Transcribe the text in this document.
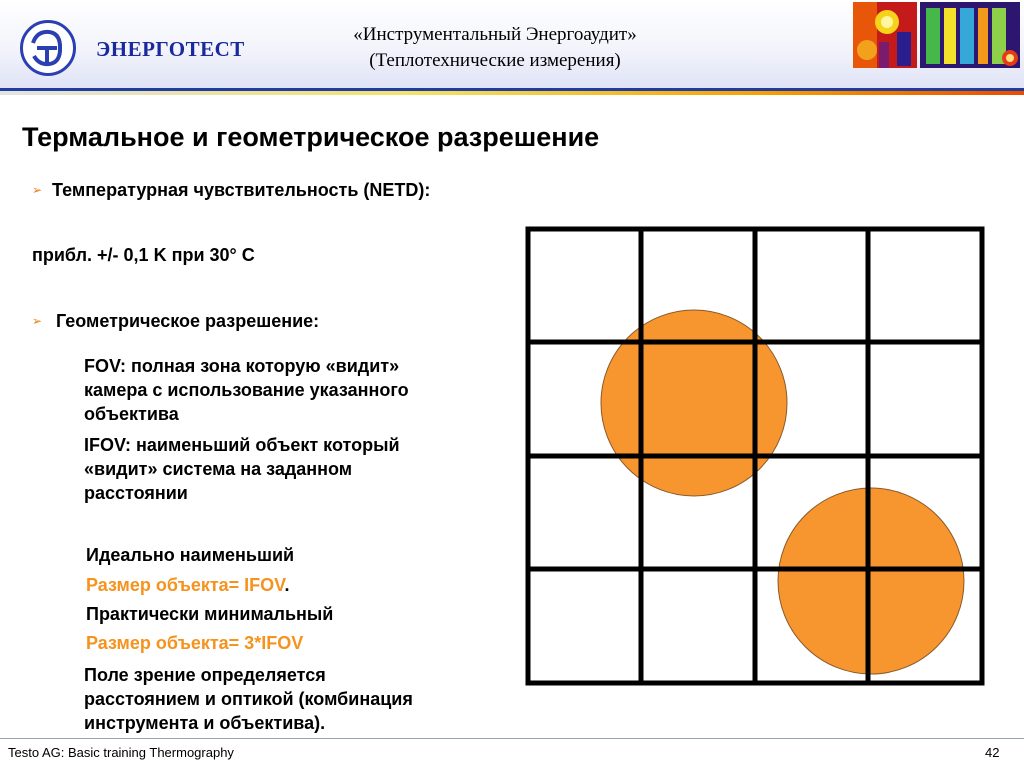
ЭНЕРГОТЕСТ
«Инструментальный Энергоаудит»
(Теплотехнические измерения)
Термальное и геометрическое разрешение
➢ Температурная чувствительность (NETD):
прибл. +/- 0,1 K при 30° C
➢ Геометрическое разрешение:
FOV: полная зона которую «видит»
камера с использование указанного
объектива
IFOV: наименьший объект который
«видит» система на заданном
расстоянии
Идеально наименьший
Размер объекта= IFOV.
Практически минимальный
Размер объекта= 3*IFOV
Поле зрение определяется
расстоянием и оптикой (комбинация
инструмента и объектива).
Testo AG: Basic training Thermography	42
